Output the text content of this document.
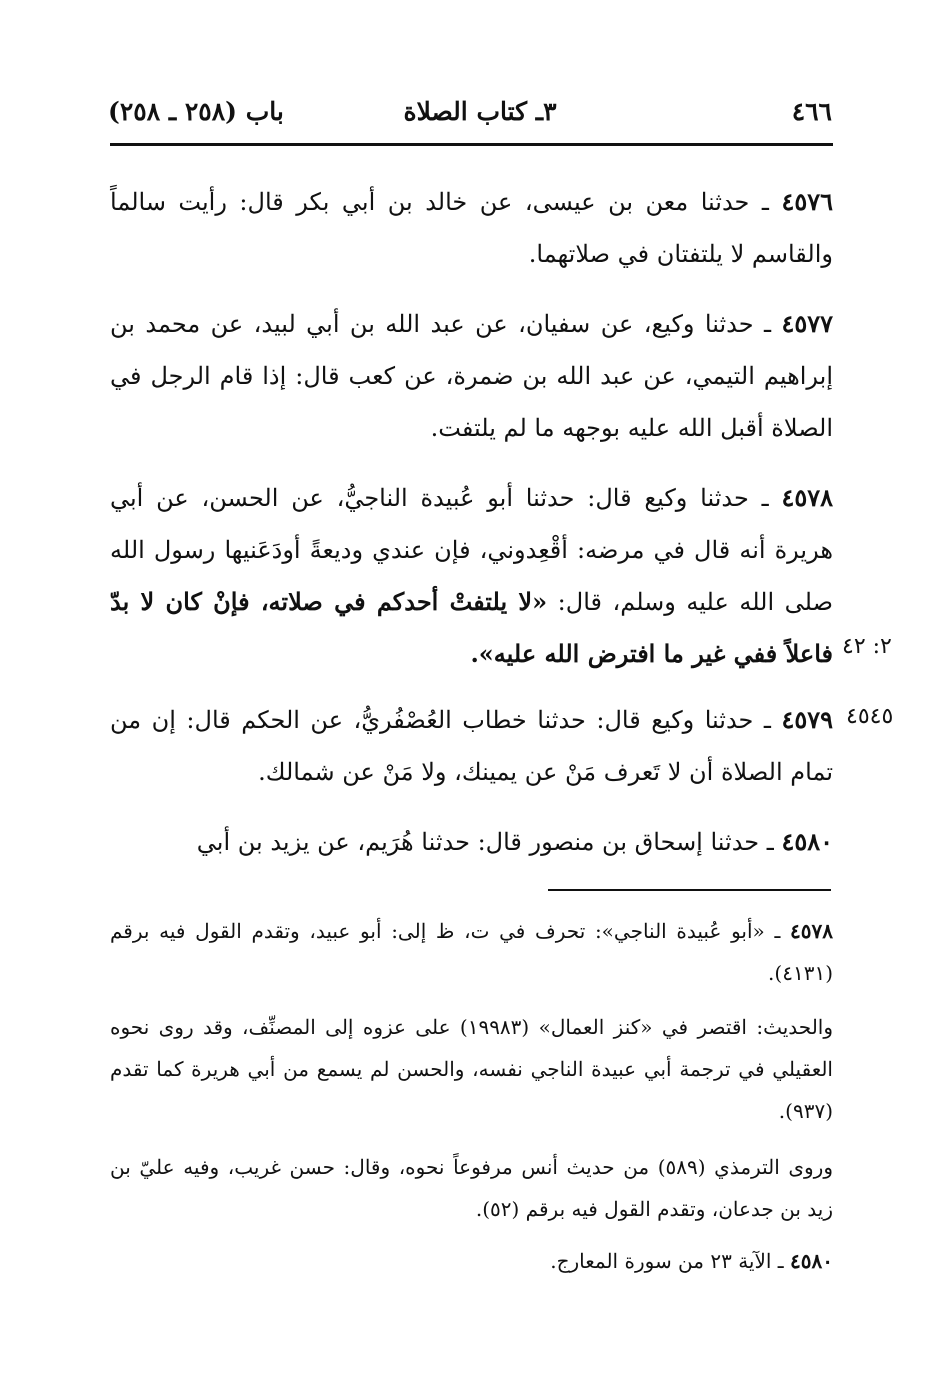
٤٦٦
٣ـ كتاب الصلاة
باب (٢٥٨ ـ ٢٥٨)

٤٥٧٦ ـ حدثنا معن بن عيسى، عن خالد بن أبي بكر قال: رأيت سالماً والقاسم لا يلتفتان في صلاتهما.

٤٥٧٧ ـ حدثنا وكيع، عن سفيان، عن عبد الله بن أبي لبيد، عن محمد بن إبراهيم التيمي، عن عبد الله بن ضمرة، عن كعب قال: إذا قام الرجل في الصلاة أقبل الله عليه بوجهه ما لم يلتفت.

٤٥٧٨ ـ حدثنا وكيع قال: حدثنا أبو عُبيدة الناجيُّ، عن الحسن، عن أبي هريرة أنه قال في مرضه: أقْعِدوني، فإن عندي وديعةً أودَعَنيها رسول الله صلى الله عليه وسلم، قال: «لا يلتفتْ أحدكم في صلاته، فإنْ كان لا بدّ فاعلاً ففي غير ما افترض الله عليه». ٢: ٤٢

٤٥٧٩ ـ حدثنا وكيع قال: حدثنا خطاب العُصْفُريُّ، عن الحكم قال: إن من تمام الصلاة أن لا تَعرف مَنْ عن يمينك، ولا مَنْ عن شمالك.

٤٥٤٥

٤٥٨٠ ـ حدثنا إسحاق بن منصور قال: حدثنا هُرَيم، عن يزيد بن أبي

٤٥٧٨ ـ «أبو عُبيدة الناجي»: تحرف في ت، ظ إلى: أبو عبيد، وتقدم القول فيه برقم (٤١٣١).

والحديث: اقتصر في «كنز العمال» (١٩٩٨٣) على عزوه إلى المصنِّف، وقد روى نحوه العقيلي في ترجمة أبي عبيدة الناجي نفسه، والحسن لم يسمع من أبي هريرة كما تقدم (٩٣٧).

وروى الترمذي (٥٨٩) من حديث أنس مرفوعاً نحوه، وقال: حسن غريب، وفيه عليّ بن زيد بن جدعان، وتقدم القول فيه برقم (٥٢).

٤٥٨٠ ـ الآية ٢٣ من سورة المعارج.
